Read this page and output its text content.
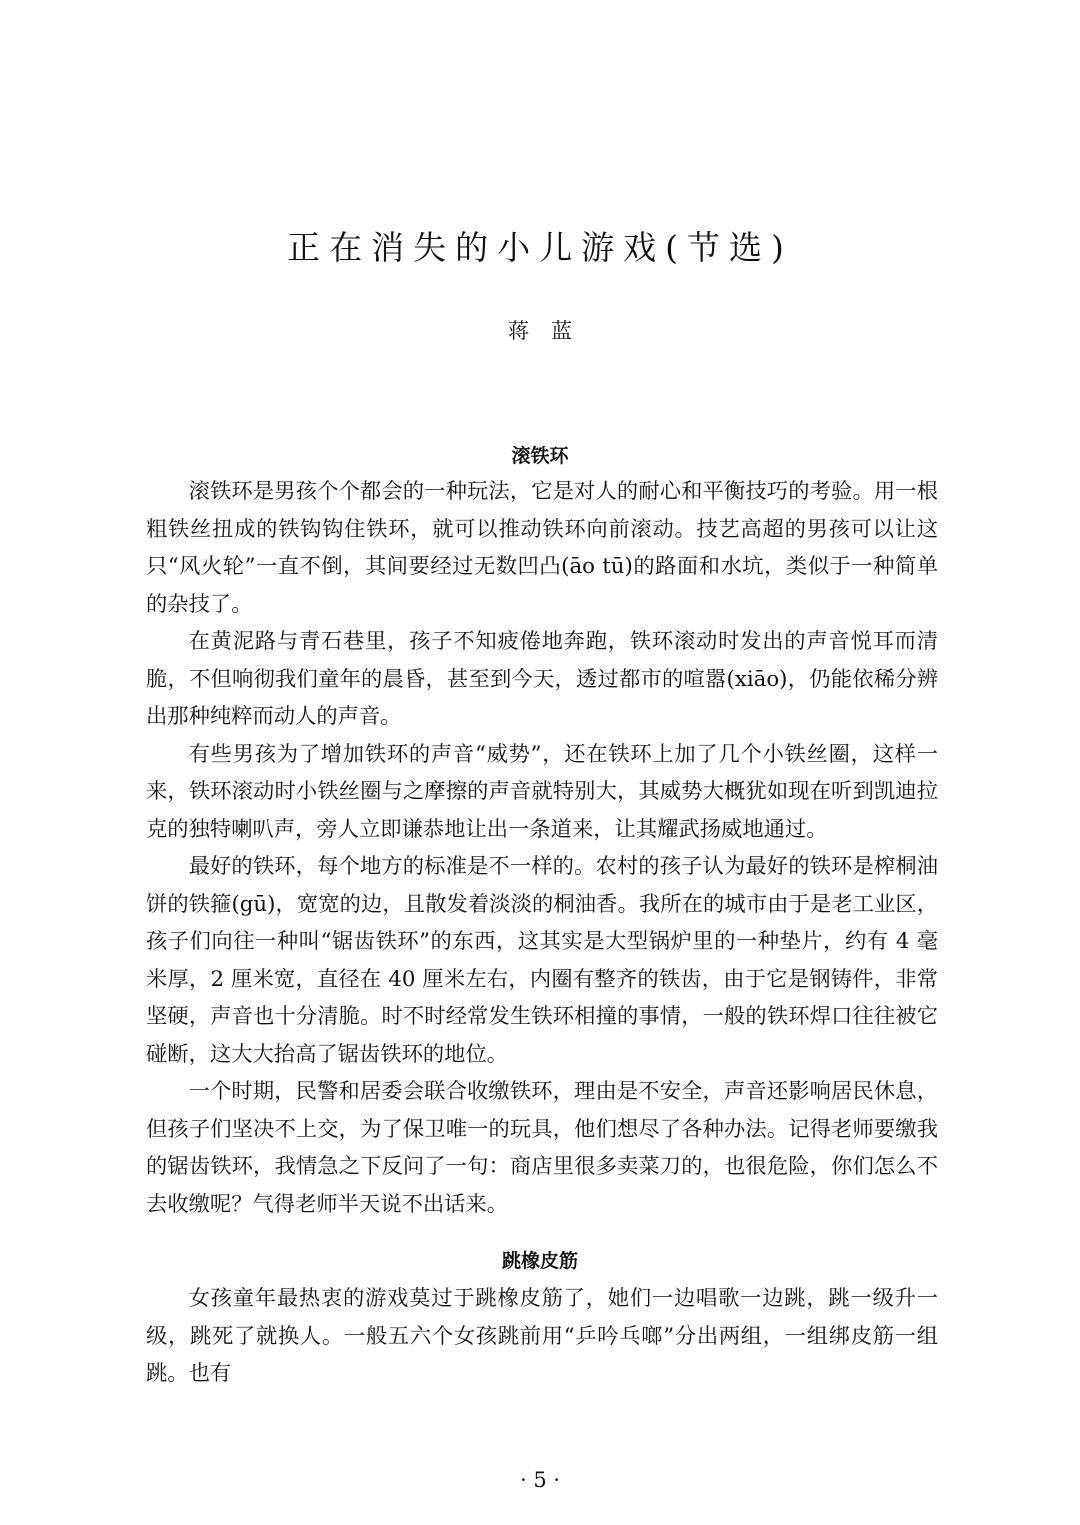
正在消失的小儿游戏(节选)
蒋蓝
滚铁环

滚铁环是男孩个个都会的一种玩法，它是对人的耐心和平衡技巧的考验。用一根粗铁丝扭成的铁钩钩住铁环，就可以推动铁环向前滚动。技艺高超的男孩可以让这只“风火轮”一直不倒，其间要经过无数凹凸(āo tū)的路面和水坑，类似于一种简单的杂技了。

在黄泥路与青石巷里，孩子不知疲倦地奔跑，铁环滚动时发出的声音悦耳而清脆，不但响彻我们童年的晨昏，甚至到今天，透过都市的喧嚣(xiāo)，仍能依稀分辨出那种纯粹而动人的声音。

有些男孩为了增加铁环的声音“威势”，还在铁环上加了几个小铁丝圈，这样一来，铁环滚动时小铁丝圈与之摩擦的声音就特别大，其威势大概犹如现在听到凯迪拉克的独特喇叭声，旁人立即谦恭地让出一条道来，让其耀武扬威地通过。

最好的铁环，每个地方的标准是不一样的。农村的孩子认为最好的铁环是榨桐油饼的铁箍(gū)，宽宽的边，且散发着淡淡的桐油香。我所在的城市由于是老工业区，孩子们向往一种叫“锯齿铁环”的东西，这其实是大型锅炉里的一种垫片，约有 4 毫米厚，2 厘米宽，直径在 40 厘米左右，内圈有整齐的铁齿，由于它是钢铸件，非常坚硬，声音也十分清脆。时不时经常发生铁环相撞的事情，一般的铁环焊口往往被它碰断，这大大抬高了锯齿铁环的地位。

一个时期，民警和居委会联合收缴铁环，理由是不安全，声音还影响居民休息，但孩子们坚决不上交，为了保卫唯一的玩具，他们想尽了各种办法。记得老师要缴我的锯齿铁环，我情急之下反问了一句：商店里很多卖菜刀的，也很危险，你们怎么不去收缴呢？气得老师半天说不出话来。

跳橡皮筋

女孩童年最热衷的游戏莫过于跳橡皮筋了，她们一边唱歌一边跳，跳一级升一级，跳死了就换人。一般五六个女孩跳前用“乒吟乓啷”分出两组，一组绑皮筋一组跳。也有

· 5 ·
